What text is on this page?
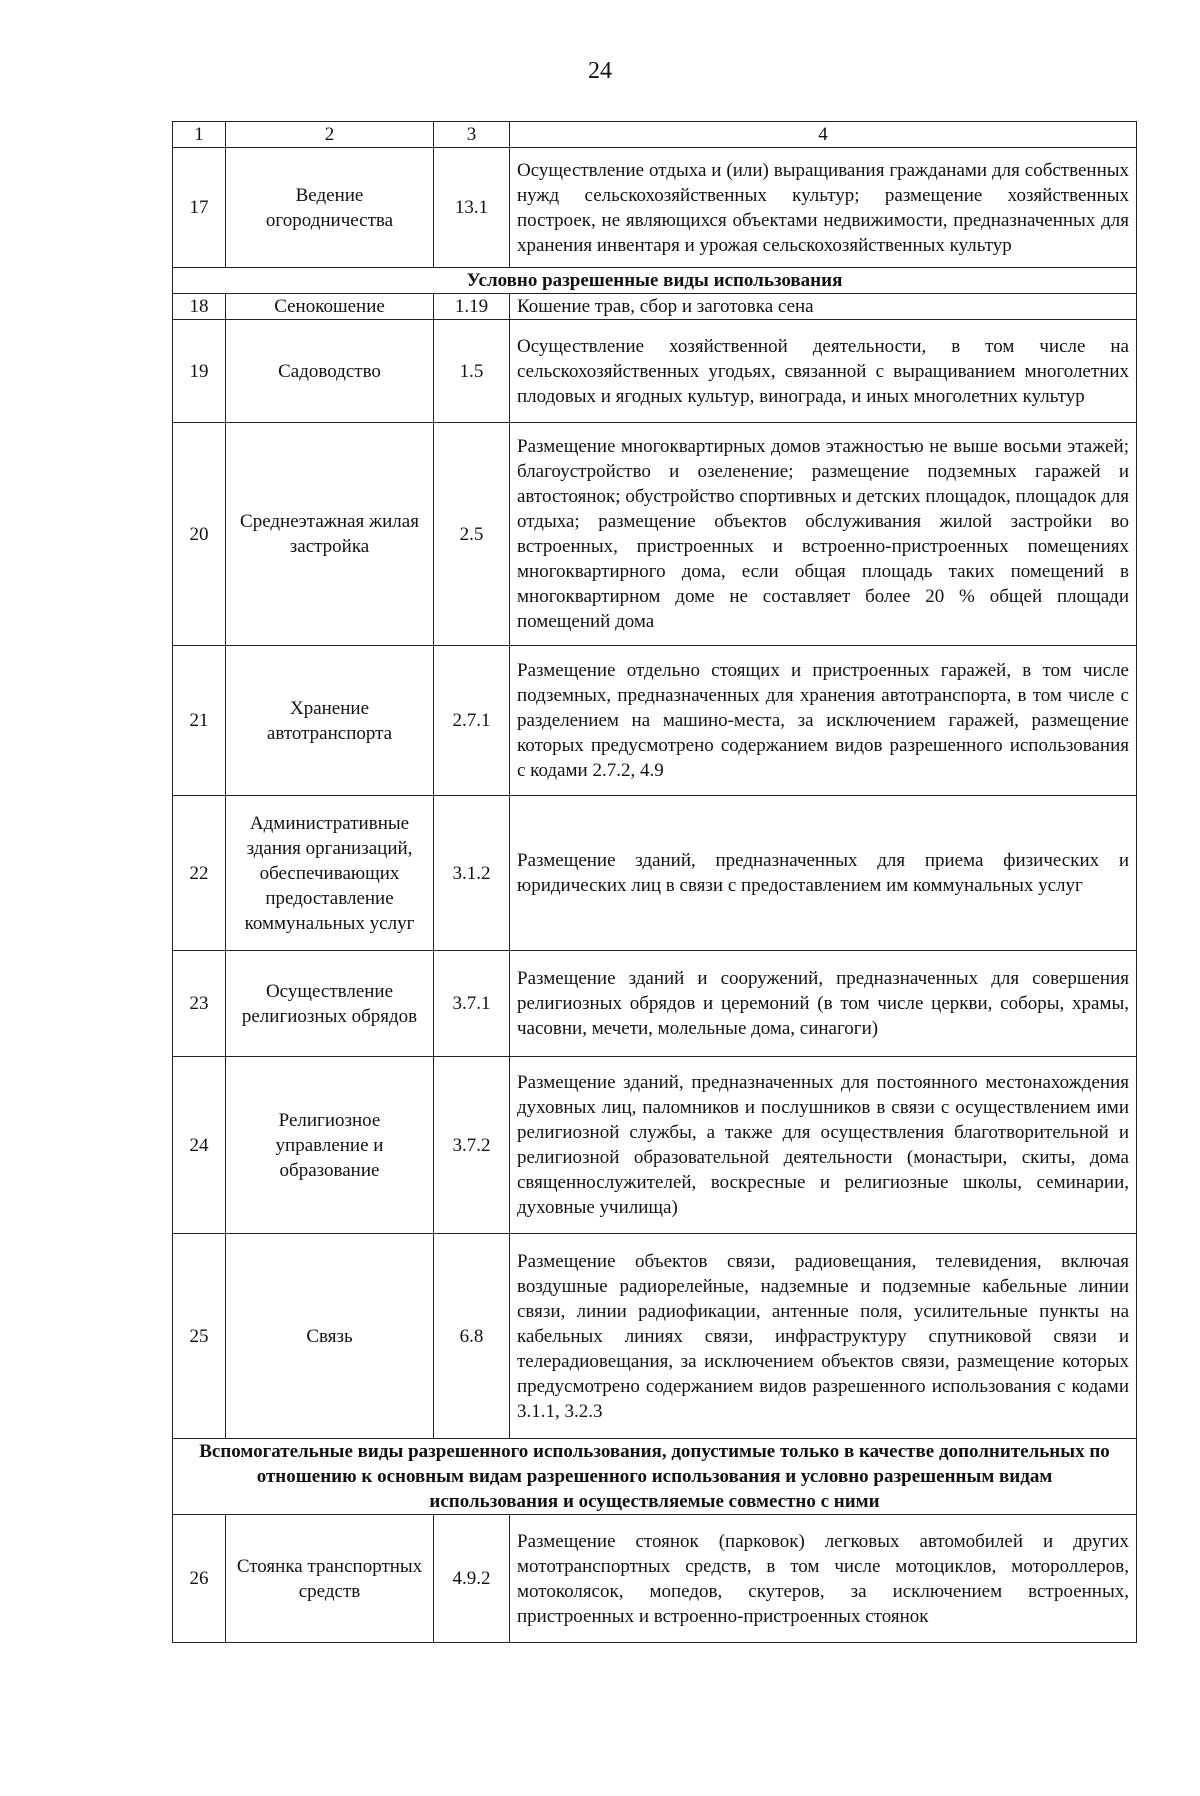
24
1	2	3	4
17	Ведение огородничества	13.1	Осуществление отдыха и (или) выращивания гражданами для собственных нужд сельскохозяйственных культур; размещение хозяйственных построек, не являющихся объектами недвижимости, предназначенных для хранения инвентаря и урожая сельскохозяйственных культур
Условно разрешенные виды использования			
18	Сенокошение	1.19	Кошение трав, сбор и заготовка сена
19	Садоводство	1.5	Осуществление хозяйственной деятельности, в том числе на сельскохозяйственных угодьях, связанной с выращиванием многолетних плодовых и ягодных культур, винограда, и иных многолетних культур
20	Среднеэтажная жилая застройка	2.5	Размещение многоквартирных домов этажностью не выше восьми этажей; благоустройство и озеленение; размещение подземных гаражей и автостоянок; обустройство спортивных и детских площадок, площадок для отдыха; размещение объектов обслуживания жилой застройки во встроенных, пристроенных и встроенно-пристроенных помещениях многоквартирного дома, если общая площадь таких помещений в многоквартирном доме не составляет более 20 % общей площади помещений дома
21	Хранение автотранспорта	2.7.1	Размещение отдельно стоящих и пристроенных гаражей, в том числе подземных, предназначенных для хранения автотранспорта, в том числе с разделением на машино-места, за исключением гаражей, размещение которых предусмотрено содержанием видов разрешенного использования с кодами 2.7.2, 4.9
22	Административные здания организаций, обеспечивающих предоставление коммунальных услуг	3.1.2	Размещение зданий, предназначенных для приема физических и юридических лиц в связи с предоставлением им коммунальных услуг
23	Осуществление религиозных обрядов	3.7.1	Размещение зданий и сооружений, предназначенных для совершения религиозных обрядов и церемоний (в том числе церкви, соборы, храмы, часовни, мечети, молельные дома, синагоги)
24	Религиозное управление и образование	3.7.2	Размещение зданий, предназначенных для постоянного местонахождения духовных лиц, паломников и послушников в связи с осуществлением ими религиозной службы, а также для осуществления благотворительной и религиозной образовательной деятельности (монастыри, скиты, дома священнослужителей, воскресные и религиозные школы, семинарии, духовные училища)
25	Связь	6.8	Размещение объектов связи, радиовещания, телевидения, включая воздушные радиорелейные, надземные и подземные кабельные линии связи, линии радиофикации, антенные поля, усилительные пункты на кабельных линиях связи, инфраструктуру спутниковой связи и телерадиовещания, за исключением объектов связи, размещение которых предусмотрено содержанием видов разрешенного использования с кодами 3.1.1, 3.2.3
Вспомогательные виды разрешенного использования, допустимые только в качестве дополнительных по отношению к основным видам разрешенного использования и условно разрешенным видам использования и осуществляемые совместно с ними			
26	Стоянка транспортных средств	4.9.2	Размещение стоянок (парковок) легковых автомобилей и других мототранспортных средств, в том числе мотоциклов, мотороллеров, мотоколясок, мопедов, скутеров, за исключением встроенных, пристроенных и встроенно-пристроенных стоянок
